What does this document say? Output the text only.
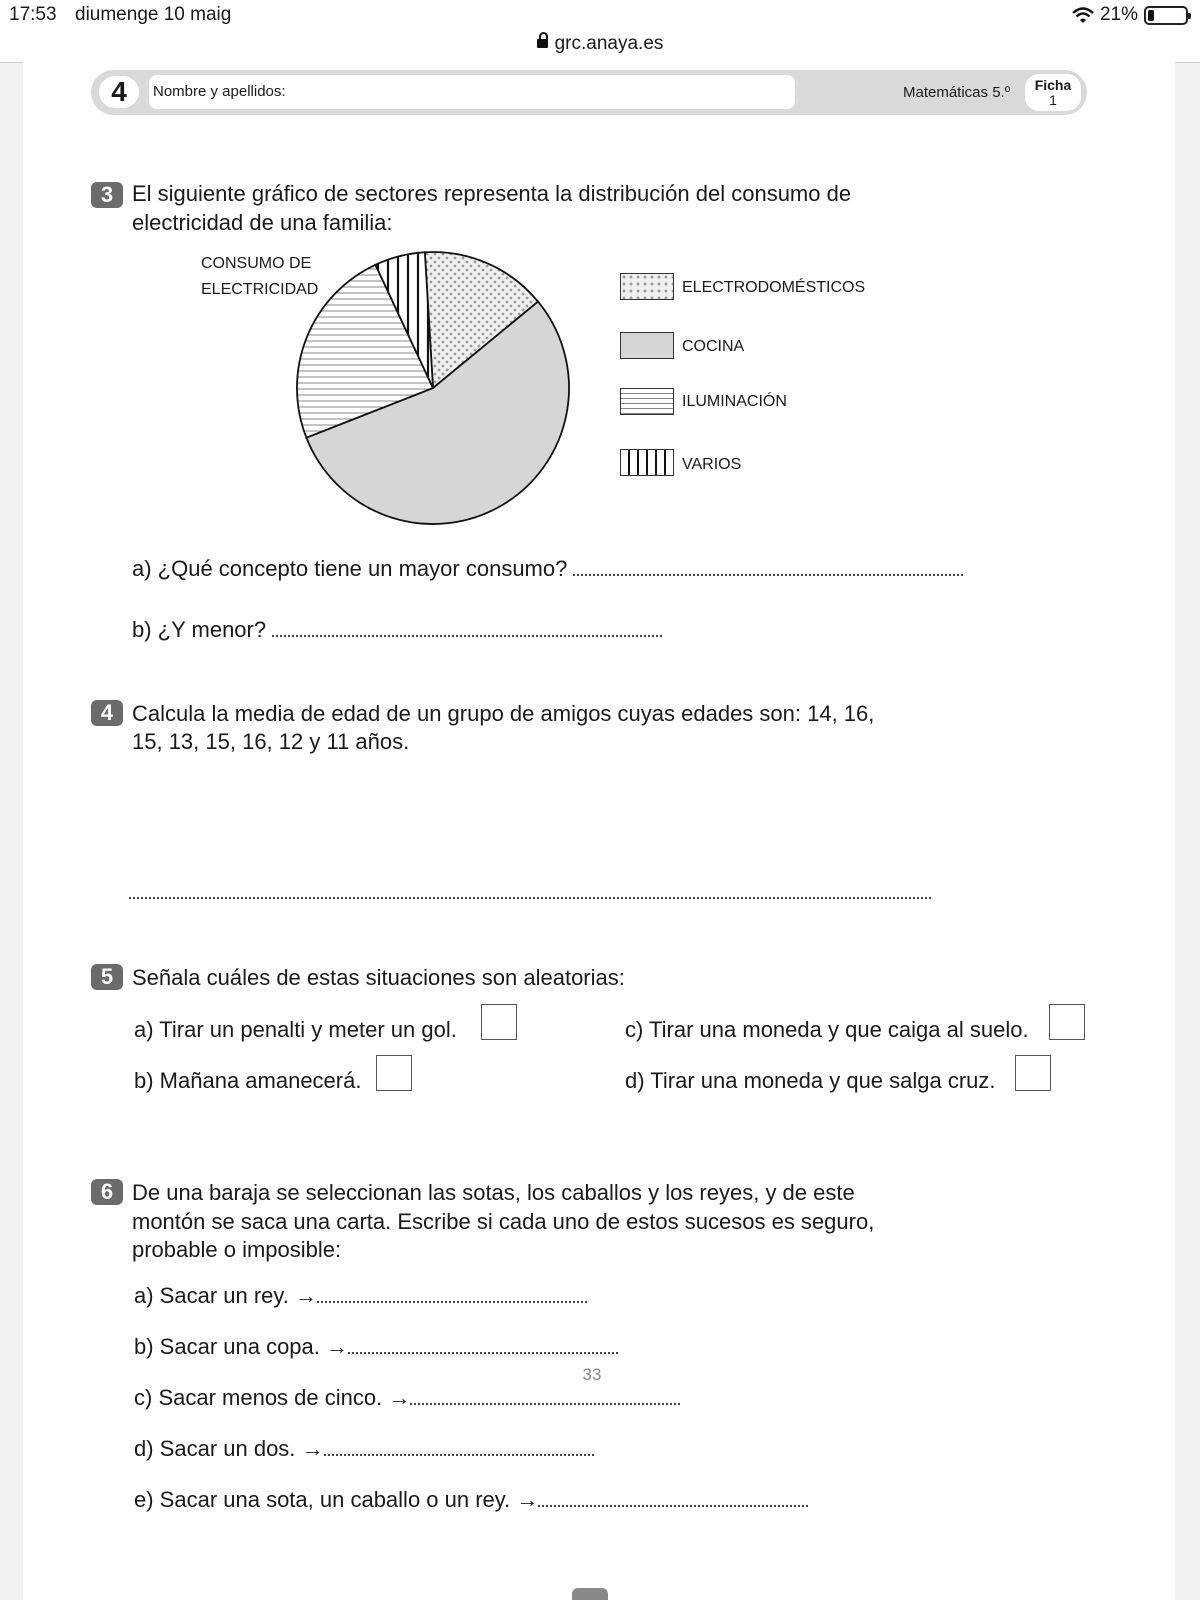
17:53 diumenge 10 maig	21%
grc.anaya.es
4	Nombre y apellidos:	Matemáticas 5.º	Ficha
1
3 El siguiente gráfico de sectores representa la distribución del consumo de
electricidad de una familia:
CONSUMO DE
ELECTRICIDAD	ELECTRODOMÉSTICOS
COCINA
ILUMINACIÓN
VARIOS
a) ¿Qué concepto tiene un mayor consumo?
b) ¿Y menor?
4 Calcula la media de edad de un grupo de amigos cuyas edades son: 14, 16,
15, 13, 15, 16, 12 y 11 años.
5 Señala cuáles de estas situaciones son aleatorias:
a) Tirar un penalti y meter un gol.
b) Mañana amanecerá.
c) Tirar una moneda y que caiga al suelo.
d) Tirar una moneda y que salga cruz.
6 De una baraja se seleccionan las sotas, los caballos y los reyes, y de este
montón se saca una carta. Escribe si cada uno de estos sucesos es seguro,
probable o imposible:
a) Sacar un rey. →
b) Sacar una copa. →
c) Sacar menos de cinco. →
d) Sacar un dos. →
e) Sacar una sota, un caballo o un rey. →
33
